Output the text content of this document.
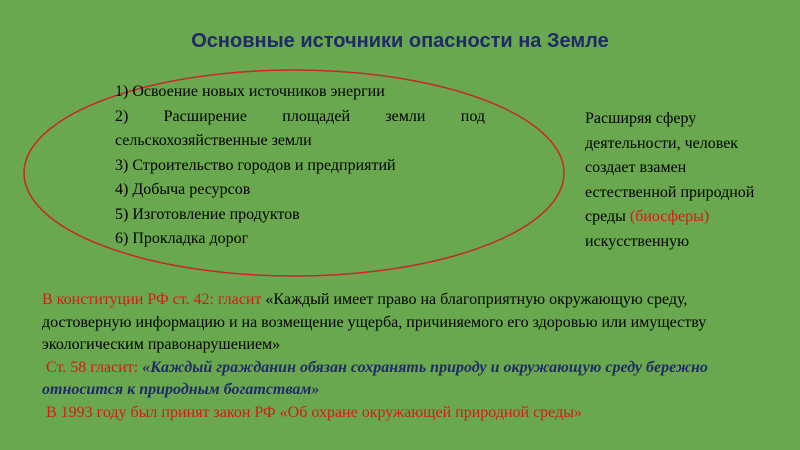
Основные источники опасности на Земле
1) Освоение новых источников энергии
2) Расширение площадей земли под сельскохозяйственные земли
3) Строительство городов и предприятий
4) Добыча ресурсов
5) Изготовление продуктов
6) Прокладка дорог
Расширяя сферу деятельности, человек создает взамен естественной природной среды (биосферы) искусственную

В конституции РФ ст. 42: гласит «Каждый имеет право на благоприятную окружающую среду, достоверную информацию и на возмещение ущерба, причиняемого его здоровью или имуществу экологическим правонарушением»

Ст. 58 гласит: «Каждый гражданин обязан сохранять природу и окружающую среду бережно относится к природным богатствам»

В 1993 году был принят закон РФ «Об охране окружающей природной среды»
